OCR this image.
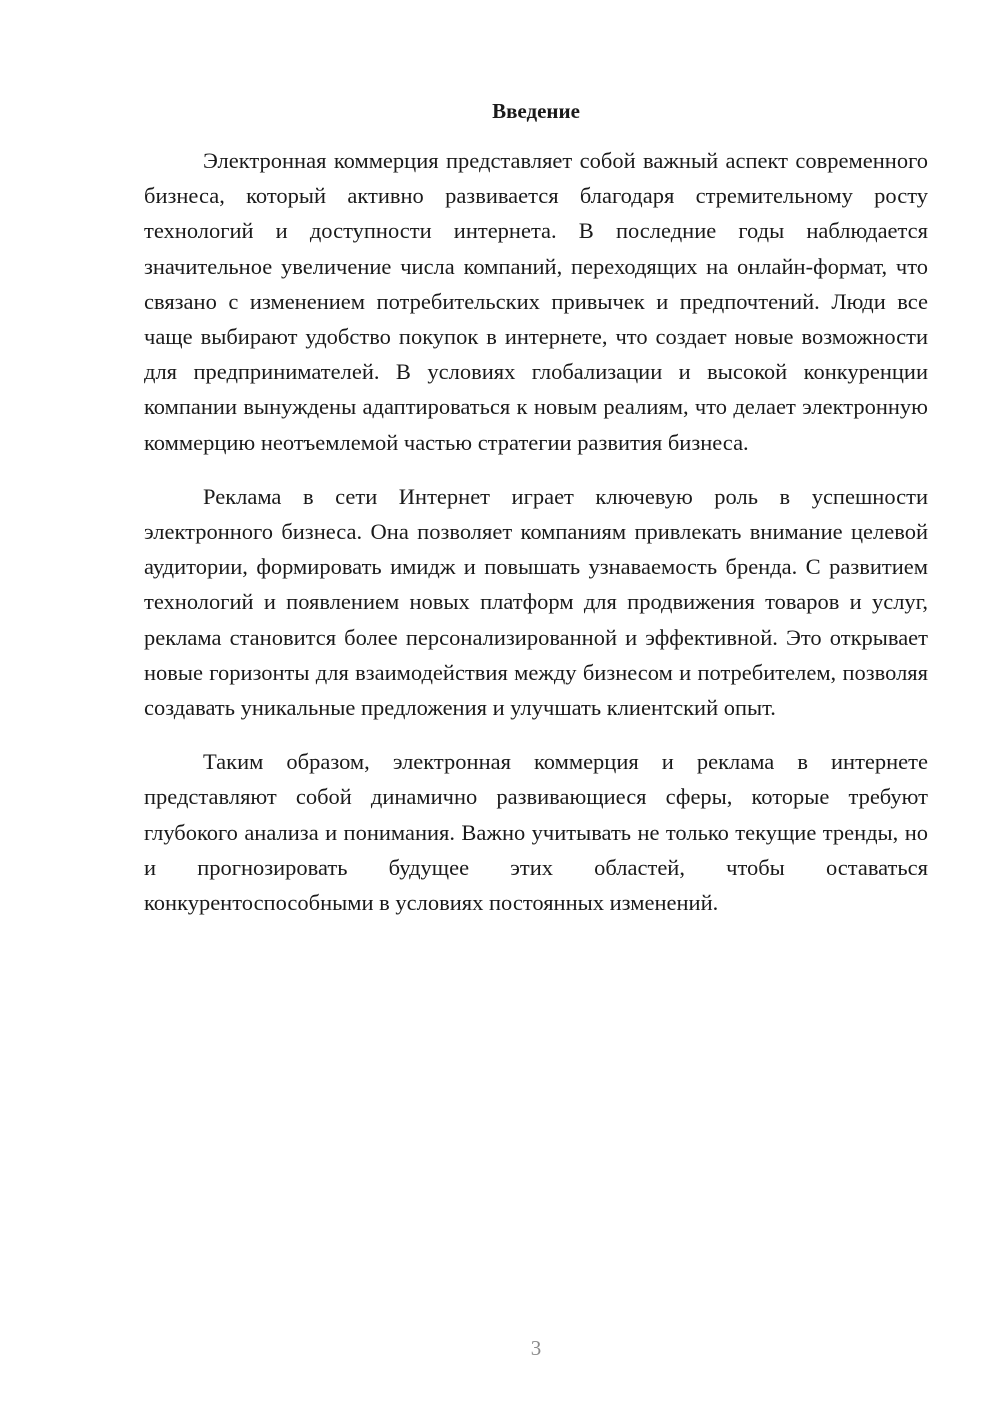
Введение

Электронная коммерция представляет собой важный аспект современного бизнеса, который активно развивается благодаря стремительному росту технологий и доступности интернета. В последние годы наблюдается значительное увеличение числа компаний, переходящих на онлайн-формат, что связано с изменением потребительских привычек и предпочтений. Люди все чаще выбирают удобство покупок в интернете, что создает новые возможности для предпринимателей. В условиях глобализации и высокой конкуренции компании вынуждены адаптироваться к новым реалиям, что делает электронную коммерцию неотъемлемой частью стратегии развития бизнеса.

Реклама в сети Интернет играет ключевую роль в успешности электронного бизнеса. Она позволяет компаниям привлекать внимание целевой аудитории, формировать имидж и повышать узнаваемость бренда. С развитием технологий и появлением новых платформ для продвижения товаров и услуг, реклама становится более персонализированной и эффективной. Это открывает новые горизонты для взаимодействия между бизнесом и потребителем, позволяя создавать уникальные предложения и улучшать клиентский опыт.

Таким образом, электронная коммерция и реклама в интернете представляют собой динамично развивающиеся сферы, которые требуют глубокого анализа и понимания. Важно учитывать не только текущие тренды, но и прогнозировать будущее этих областей, чтобы оставаться конкурентоспособными в условиях постоянных изменений.

3
